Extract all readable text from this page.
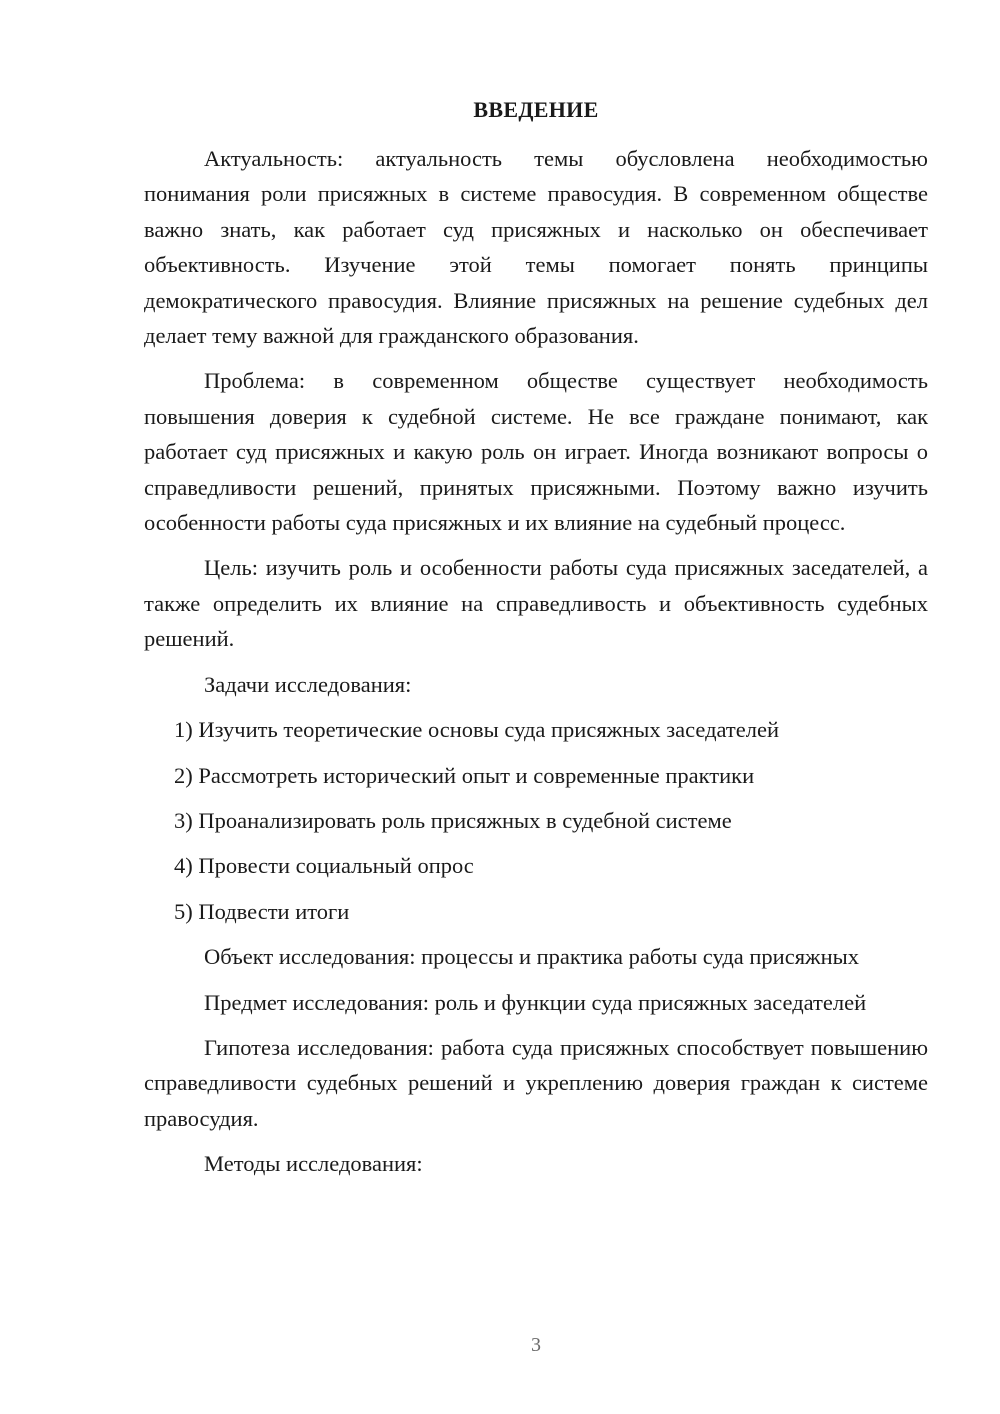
ВВЕДЕНИЕ

Актуальность: актуальность темы обусловлена необходимостью понимания роли присяжных в системе правосудия. В современном обществе важно знать, как работает суд присяжных и насколько он обеспечивает объективность. Изучение этой темы помогает понять принципы демократического правосудия. Влияние присяжных на решение судебных дел делает тему важной для гражданского образования.

Проблема: в современном обществе существует необходимость повышения доверия к судебной системе. Не все граждане понимают, как работает суд присяжных и какую роль он играет. Иногда возникают вопросы о справедливости решений, принятых присяжными. Поэтому важно изучить особенности работы суда присяжных и их влияние на судебный процесс.

Цель: изучить роль и особенности работы суда присяжных заседателей, а также определить их влияние на справедливость и объективность судебных решений.

Задачи исследования:

1) Изучить теоретические основы суда присяжных заседателей
2) Рассмотреть исторический опыт и современные практики
3) Проанализировать роль присяжных в судебной системе
4) Провести социальный опрос
5) Подвести итоги

Объект исследования: процессы и практика работы суда присяжных

Предмет исследования: роль и функции суда присяжных заседателей

Гипотеза исследования: работа суда присяжных способствует повышению справедливости судебных решений и укреплению доверия граждан к системе правосудия.

Методы исследования:

3
